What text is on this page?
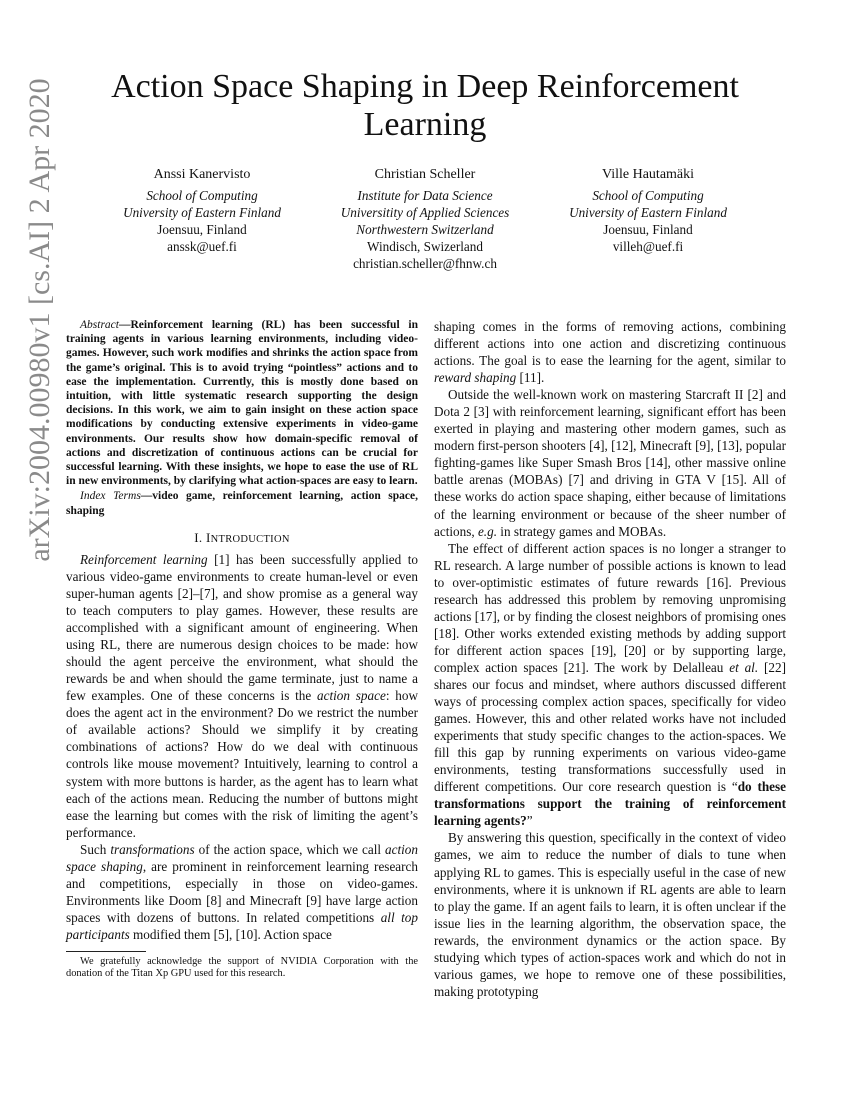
arXiv:2004.00980v1 [cs.AI] 2 Apr 2020	Action Space Shaping in Deep Reinforcement Learning
Anssi Kanervisto
School of Computing
University of Eastern Finland
Joensuu, Finland
anssk@uef.fi
Christian Scheller
Institute for Data Science
Universitity of Applied Sciences
Northwestern Switzerland
Windisch, Swizerland
christian.scheller@fhnw.ch
Ville Hautamäki
School of Computing
University of Eastern Finland
Joensuu, Finland
villeh@uef.fi

Abstract—Reinforcement learning (RL) has been successful in training agents in various learning environments, including video-games. However, such work modifies and shrinks the action space from the game’s original. This is to avoid trying “pointless” actions and to ease the implementation. Currently, this is mostly done based on intuition, with little systematic research supporting the design decisions. In this work, we aim to gain insight on these action space modifications by conducting extensive experiments in video-game environments. Our results show how domain-specific removal of actions and discretization of continuous actions can be crucial for successful learning. With these insights, we hope to ease the use of RL in new environments, by clarifying what action-spaces are easy to learn.

Index Terms—video game, reinforcement learning, action space, shaping

I. INTRODUCTION

Reinforcement learning [1] has been successfully applied to various video-game environments to create human-level or even super-human agents [2]–[7], and show promise as a general way to teach computers to play games. However, these results are accomplished with a significant amount of engineering. When using RL, there are numerous design choices to be made: how should the agent perceive the environment, what should the rewards be and when should the game terminate, just to name a few examples. One of these concerns is the action space: how does the agent act in the environment? Do we restrict the number of available actions? Should we simplify it by creating combinations of actions? How do we deal with continuous controls like mouse movement? Intuitively, learning to control a system with more buttons is harder, as the agent has to learn what each of the actions mean. Reducing the number of buttons might ease the learning but comes with the risk of limiting the agent’s performance.

Such transformations of the action space, which we call action space shaping, are prominent in reinforcement learning research and competitions, especially in those on video-games. Environments like Doom [8] and Minecraft [9] have large action spaces with dozens of buttons. In related competitions all top participants modified them [5], [10]. Action space

We gratefully acknowledge the support of NVIDIA Corporation with the donation of the Titan Xp GPU used for this research.

shaping comes in the forms of removing actions, combining different actions into one action and discretizing continuous actions. The goal is to ease the learning for the agent, similar to reward shaping [11].

Outside the well-known work on mastering Starcraft II [2] and Dota 2 [3] with reinforcement learning, significant effort has been exerted in playing and mastering other modern games, such as modern first-person shooters [4], [12], Minecraft [9], [13], popular fighting-games like Super Smash Bros [14], other massive online battle arenas (MOBAs) [7] and driving in GTA V [15]. All of these works do action space shaping, either because of limitations of the learning environment or because of the sheer number of actions, e.g. in strategy games and MOBAs.

The effect of different action spaces is no longer a stranger to RL research. A large number of possible actions is known to lead to over-optimistic estimates of future rewards [16]. Previous research has addressed this problem by removing unpromising actions [17], or by finding the closest neighbors of promising ones [18]. Other works extended existing methods by adding support for different action spaces [19], [20] or by supporting large, complex action spaces [21]. The work by Delalleau et al. [22] shares our focus and mindset, where authors discussed different ways of processing complex action spaces, specifically for video games. However, this and other related works have not included experiments that study specific changes to the action-spaces. We fill this gap by running experiments on various video-game environments, testing transformations successfully used in different competitions. Our core research question is “do these transformations support the training of reinforcement learning agents?”

By answering this question, specifically in the context of video games, we aim to reduce the number of dials to tune when applying RL to games. This is especially useful in the case of new environments, where it is unknown if RL agents are able to learn to play the game. If an agent fails to learn, it is often unclear if the issue lies in the learning algorithm, the observation space, the rewards, the environment dynamics or the action space. By studying which types of action-spaces work and which do not in various games, we hope to remove one of these possibilities, making prototyping
